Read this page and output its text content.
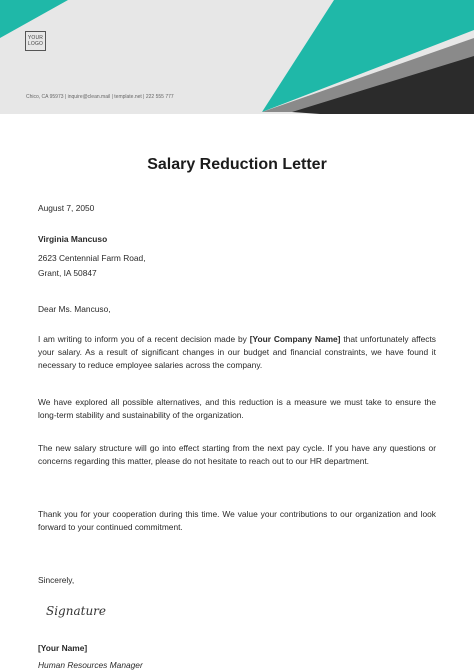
YOUR LOGO
Chico, CA 95973 | inquire@clean.mail | template.net | 222 555 777
Salary Reduction Letter
August 7, 2050
Virginia Mancuso
2623 Centennial Farm Road,
Grant, IA 50847
Dear Ms. Mancuso,
I am writing to inform you of a recent decision made by [Your Company Name] that unfortunately affects your salary. As a result of significant changes in our budget and financial constraints, we have found it necessary to reduce employee salaries across the company.
We have explored all possible alternatives, and this reduction is a measure we must take to ensure the long-term stability and sustainability of the organization.
The new salary structure will go into effect starting from the next pay cycle. If you have any questions or concerns regarding this matter, please do not hesitate to reach out to our HR department.
Thank you for your cooperation during this time. We value your contributions to our organization and look forward to your continued commitment.
Sincerely,
Signature
[Your Name]
Human Resources Manager
